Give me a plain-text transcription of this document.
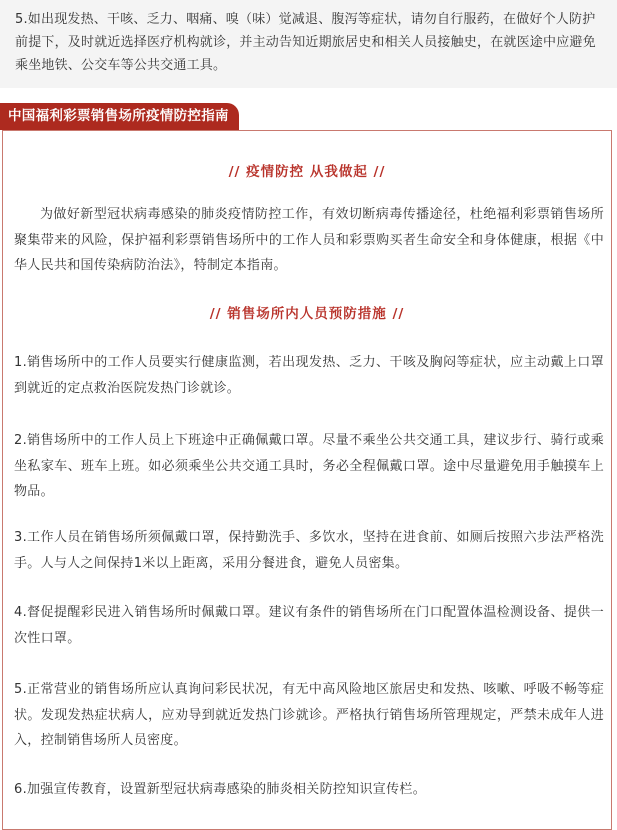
5.如出现发热、干咳、乏力、咽痛、嗅（味）觉减退、腹泻等症状，请勿自行服药，在做好个人防护前提下，及时就近选择医疗机构就诊，并主动告知近期旅居史和相关人员接触史，在就医途中应避免乘坐地铁、公交车等公共交通工具。

中国福利彩票销售场所疫情防控指南

// 疫情防控 从我做起 //

为做好新型冠状病毒感染的肺炎疫情防控工作，有效切断病毒传播途径，杜绝福利彩票销售场所聚集带来的风险，保护福利彩票销售场所中的工作人员和彩票购买者生命安全和身体健康，根据《中华人民共和国传染病防治法》，特制定本指南。

// 销售场所内人员预防措施 //

1.销售场所中的工作人员要实行健康监测，若出现发热、乏力、干咳及胸闷等症状，应主动戴上口罩到就近的定点救治医院发热门诊就诊。

2.销售场所中的工作人员上下班途中正确佩戴口罩。尽量不乘坐公共交通工具，建议步行、骑行或乘坐私家车、班车上班。如必须乘坐公共交通工具时，务必全程佩戴口罩。途中尽量避免用手触摸车上物品。

3.工作人员在销售场所须佩戴口罩，保持勤洗手、多饮水，坚持在进食前、如厕后按照六步法严格洗手。人与人之间保持1米以上距离，采用分餐进食，避免人员密集。

4.督促提醒彩民进入销售场所时佩戴口罩。建议有条件的销售场所在门口配置体温检测设备、提供一次性口罩。

5.正常营业的销售场所应认真询问彩民状况，有无中高风险地区旅居史和发热、咳嗽、呼吸不畅等症状。发现发热症状病人，应劝导到就近发热门诊就诊。严格执行销售场所管理规定，严禁未成年人进入，控制销售场所人员密度。

6.加强宣传教育，设置新型冠状病毒感染的肺炎相关防控知识宣传栏。
